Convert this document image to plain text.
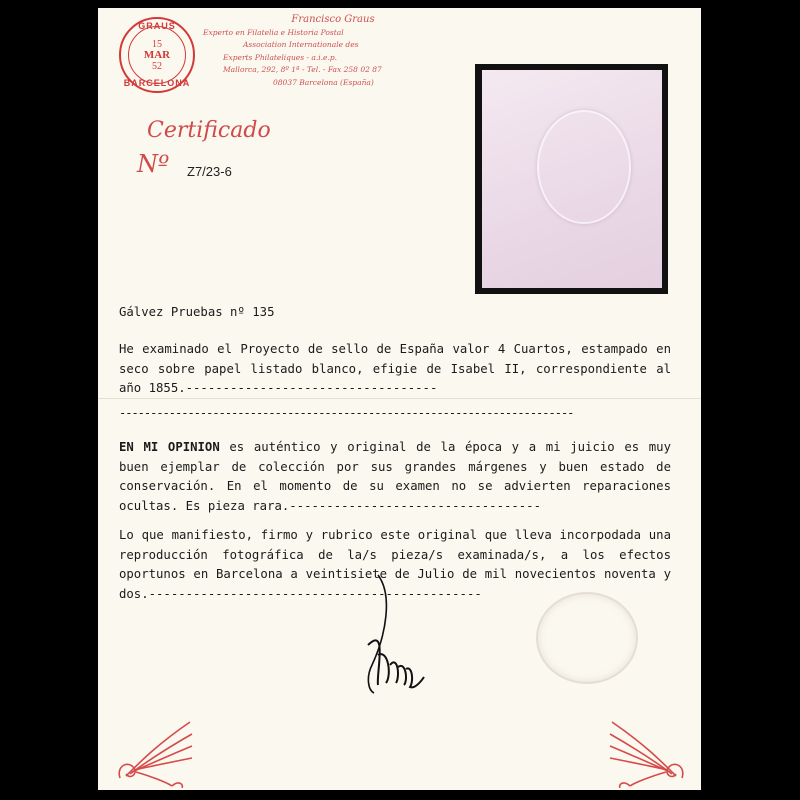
GRAUS
15
MAR
52
BARCELONA
Francisco Graus
Experto en Filatelia e Historia Postal
Association Internationale des
Experts Philateliques - a.i.e.p.
Mallorca, 292, 8º 1ª - Tel. - Fax 258 02 87
08037 Barcelona (España)
Certificado
Nº Z7/23-6
Gálvez Pruebas nº 135

He examinado el Proyecto de sello de España valor 4 Cuartos, estampado en seco sobre papel listado blanco, efigie de Isabel II, correspondiente al año 1855.----------------------------------

-------------------------------------------------------------------------

EN MI OPINION es auténtico y original de la época y a mi juicio es muy buen ejemplar de colección por sus grandes márgenes y buen estado de conservación. En el momento de su examen no se advierten reparaciones ocultas. Es pieza rara.----------------------------------

Lo que manifiesto, firmo y rubrico este original que lleva incorpodada una reproducción fotográfica de la/s pieza/s examinada/s, a los efectos oportunos en Barcelona a veintisiete de Julio de mil novecientos noventa y dos.---------------------------------------------
